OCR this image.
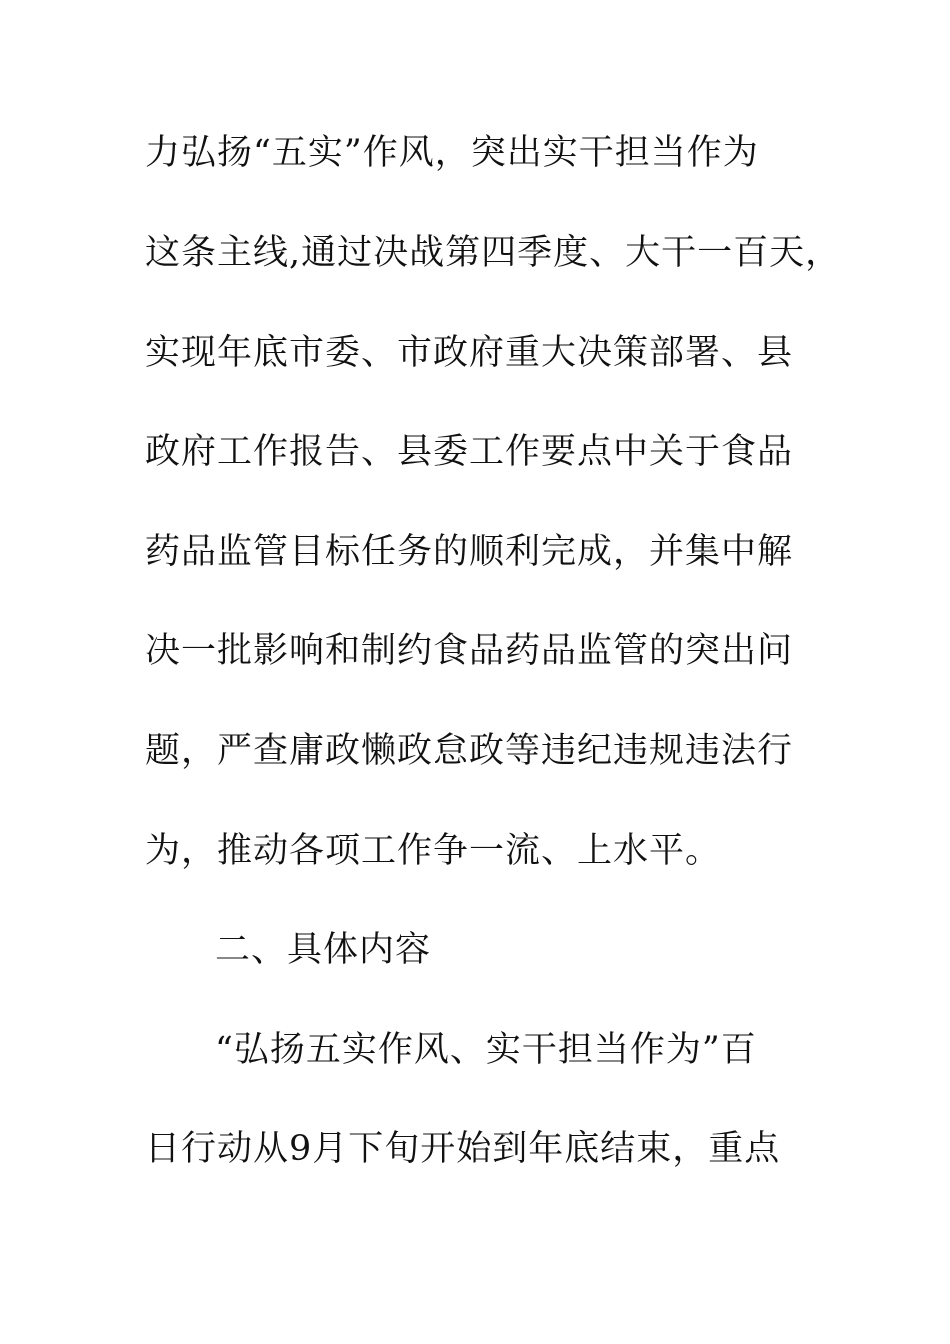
力弘扬“五实”作风，突出实干担当作为
这条主线,通过决战第四季度、大干一百天，
实现年底市委、市政府重大决策部署、县
政府工作报告、县委工作要点中关于食品
药品监管目标任务的顺利完成，并集中解
决一批影响和制约食品药品监管的突出问
题，严查庸政懒政怠政等违纪违规违法行
为，推动各项工作争一流、上水平。
二、具体内容
“弘扬五实作风、实干担当作为”百
日行动从9月下旬开始到年底结束，重点
